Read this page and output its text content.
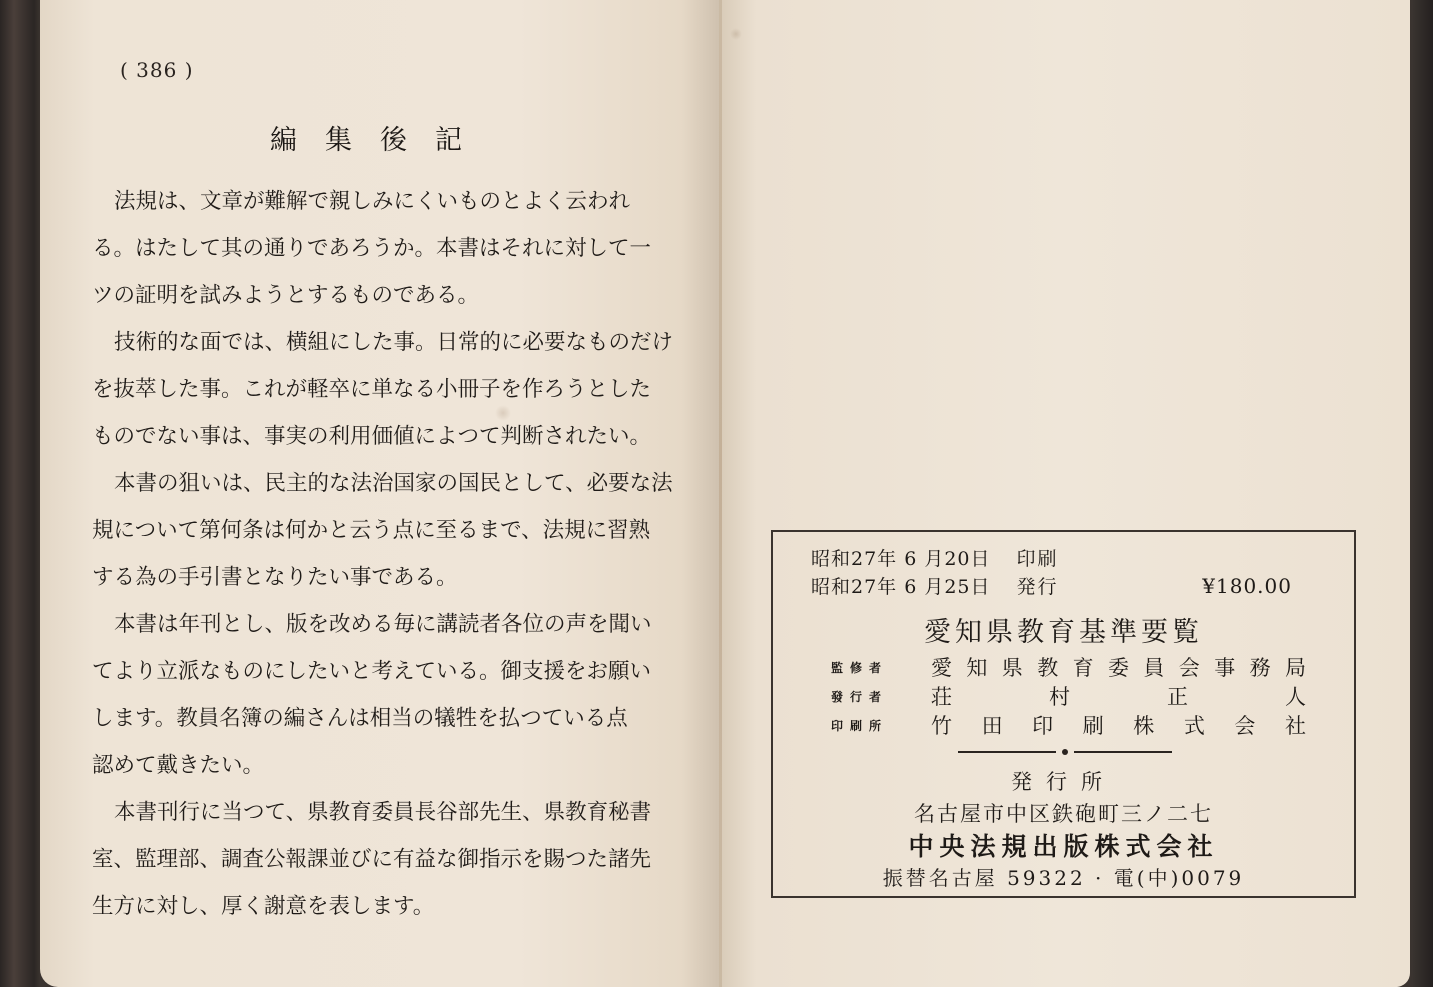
( 386 )
編集後記
法規は、文章が難解で親しみにくいものとよく云われ
る。はたして其の通りであろうか。本書はそれに対して一
ツの証明を試みようとするものである。
技術的な面では、横組にした事。日常的に必要なものだけ
を抜萃した事。これが軽卒に単なる小冊子を作ろうとした
ものでない事は、事実の利用価値によつて判断されたい。
本書の狙いは、民主的な法治国家の国民として、必要な法
規について第何条は何かと云う点に至るまで、法規に習熟
する為の手引書となりたい事である。
本書は年刊とし、版を改める毎に講読者各位の声を聞い
てより立派なものにしたいと考えている。御支援をお願い
します。教員名簿の編さんは相当の犠牲を払つている点
認めて戴きたい。
本書刊行に当つて、県教育委員長谷部先生、県教育秘書
室、監理部、調査公報課並びに有益な御指示を賜つた諸先
生方に対し、厚く謝意を表します。
昭和27年 6 月20日 印刷
昭和27年 6 月25日 発行	¥180.00
愛知県教育基準要覧
監修者 愛知県教育委員会事務局
發行者 荘村正人
印刷所 竹田印刷株式会社
発行所
名古屋市中区鉄砲町三ノ二七
中央法規出版株式会社
振替名古屋 59322 · 電(中)0079
